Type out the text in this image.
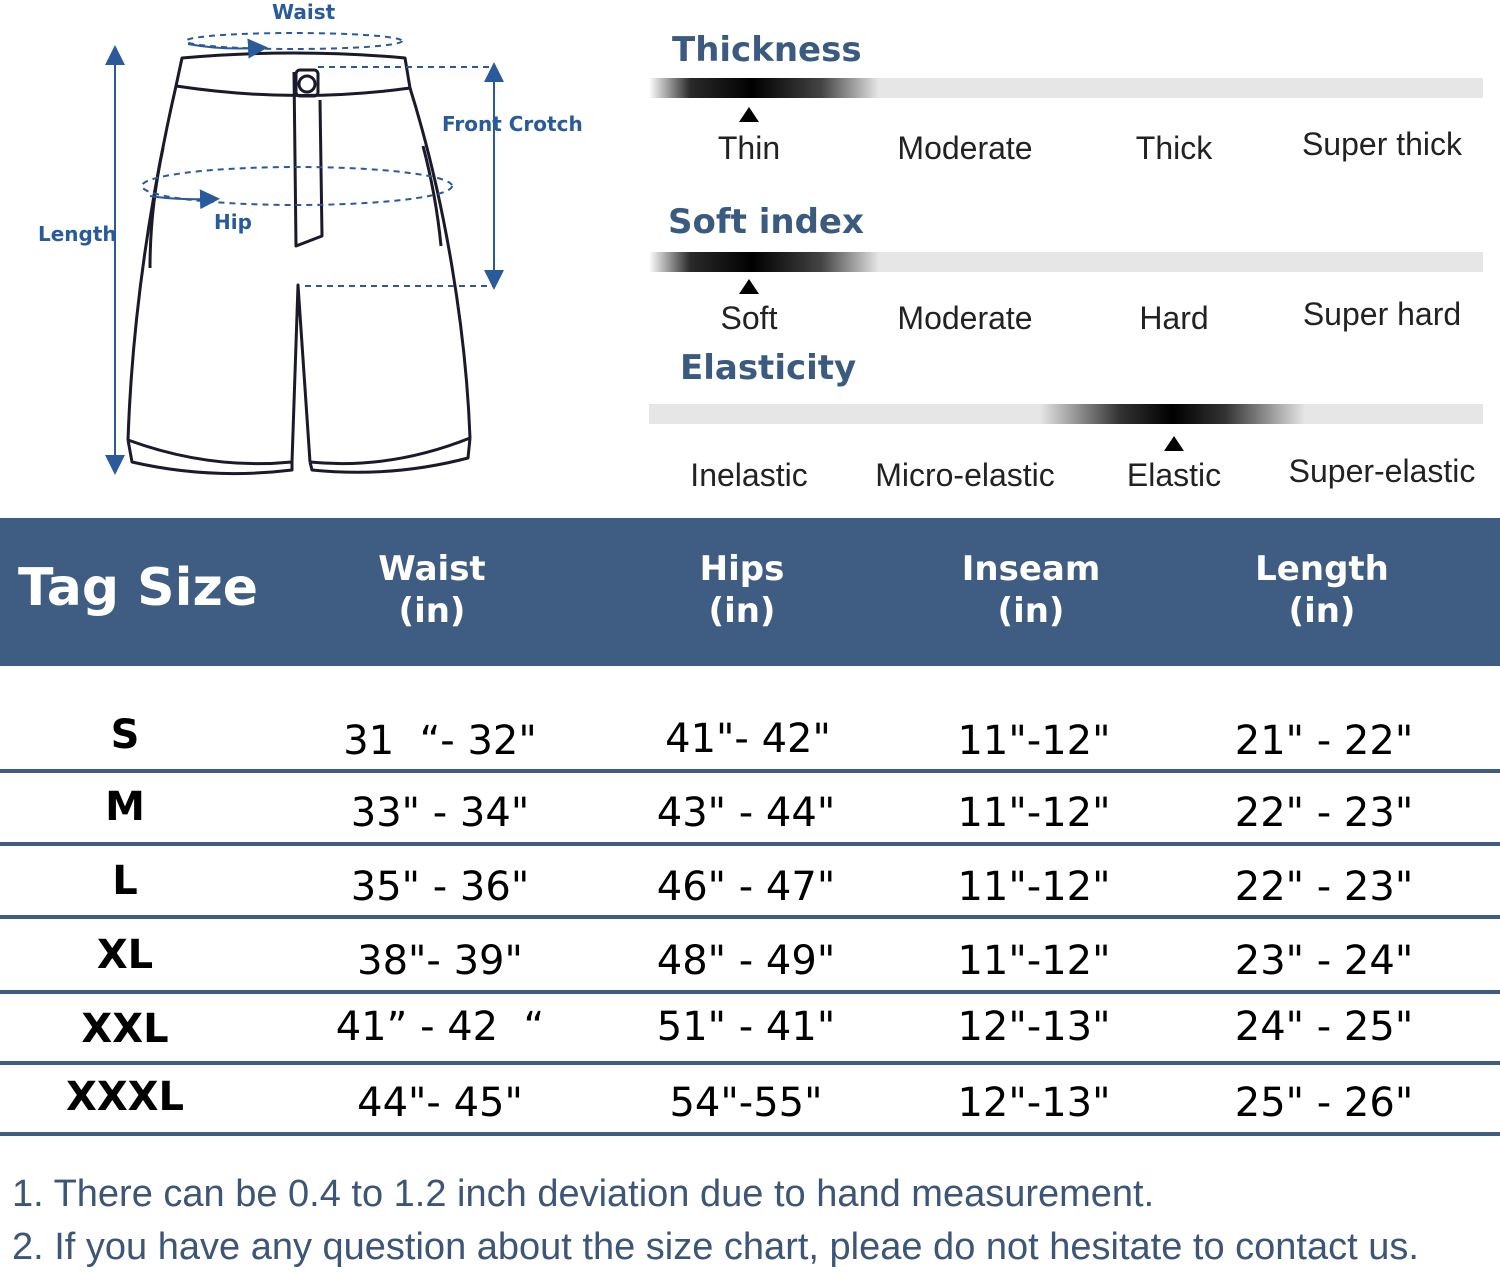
Waist
Front Crotch
Hip
Length
Thickness
Thin	Moderate	Thick	Super thick
Soft index
Soft	Moderate	Hard	Super hard
Elasticity
Inelastic Micro-elastic Elastic Super-elastic
Tag Size	Waist
(in)
Hips
(in)
Inseam
(in)
Length
(in)
S	31  “- 32"	41"- 42"	11"-12"	21" - 22"
M	33" - 34"	43" - 44"	11"-12"	22" - 23"
L	35" - 36"	46" - 47"	11"-12"	22" - 23"
XL	38"- 39"	48" - 49"	11"-12"	23" - 24"
XXL	41” - 42  “	51" - 41"	12"-13"	24" - 25"
XXXL	44"- 45"	54"-55"	12"-13"	25" - 26"
1. There can be 0.4 to 1.2 inch deviation due to hand measurement.
2. If you have any question about the size chart, pleae do not hesitate to contact us.
